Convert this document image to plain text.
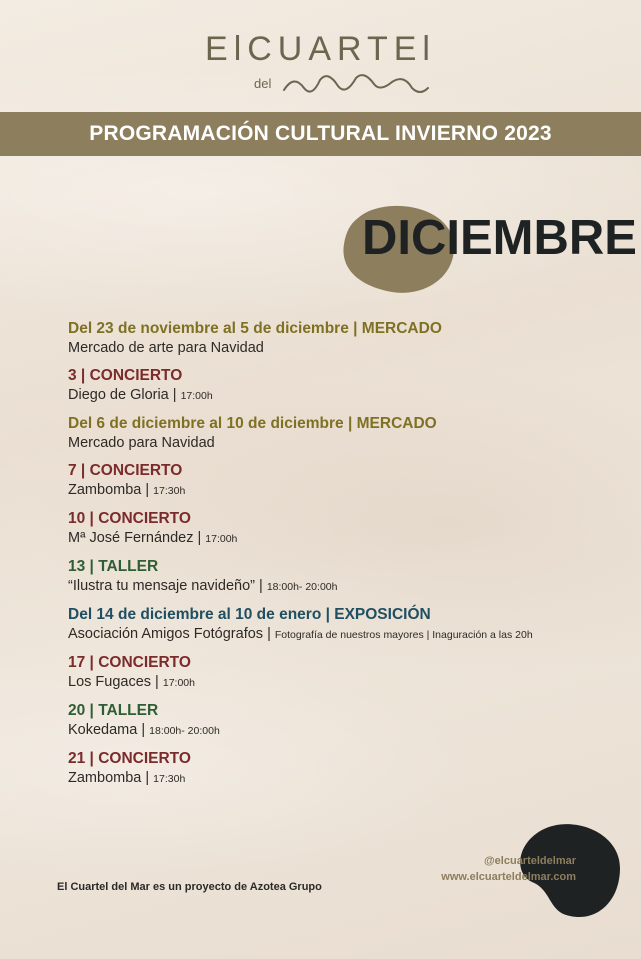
ElCUARTEl
del
PROGRAMACIÓN CULTURAL INVIERNO 2023
DICIEMBRE
Del 23 de noviembre al 5 de diciembre | MERCADO
Mercado de arte para Navidad
3 | CONCIERTO
Diego de Gloria | 17:00h
Del 6 de diciembre al 10 de diciembre | MERCADO
Mercado para Navidad
7 | CONCIERTO
Zambomba | 17:30h
10 | CONCIERTO
Mª José Fernández | 17:00h
13 | TALLER
“Ilustra tu mensaje navideño” | 18:00h- 20:00h
Del 14 de diciembre al 10 de enero | EXPOSICIÓN
Asociación Amigos Fotógrafos | Fotografía de nuestros mayores | Inaguración a las 20h
17 | CONCIERTO
Los Fugaces | 17:00h
20 | TALLER
Kokedama | 18:00h- 20:00h
21 | CONCIERTO
Zambomba | 17:30h
El Cuartel del Mar es un proyecto de Azotea Grupo
@elcuarteldelmar
www.elcuarteldelmar.com
